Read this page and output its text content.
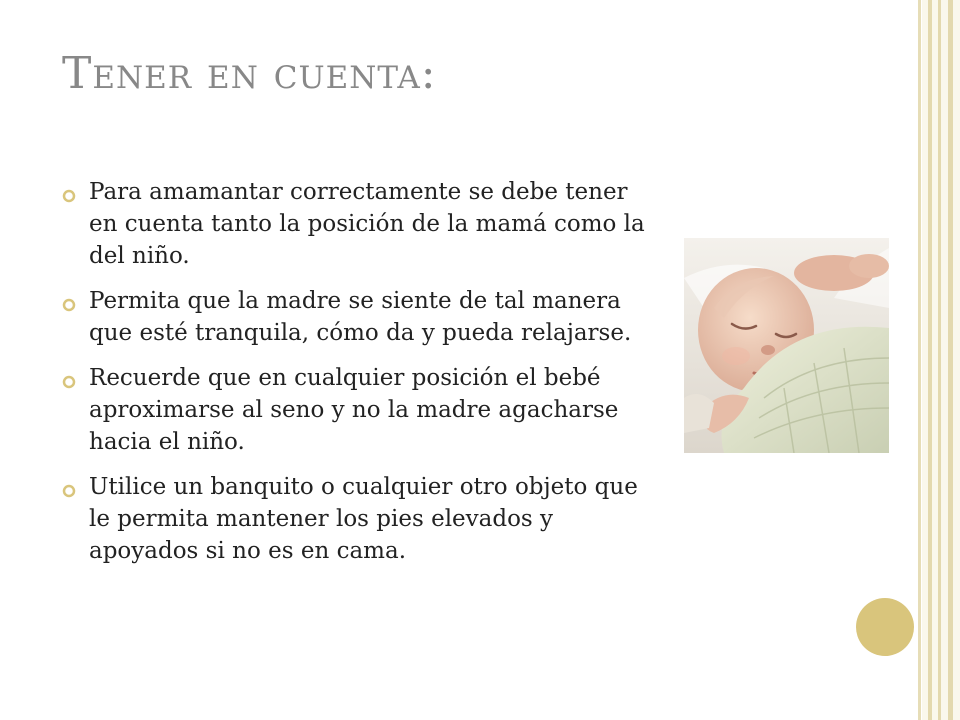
Tener en cuenta:
Para amamantar correctamente se debe tener en cuenta tanto la posición de la mamá como la del niño.
Permita que la madre se siente de tal manera que esté tranquila, cómo da y pueda relajarse.
Recuerde que en cualquier posición el bebé aproximarse al seno y no la madre agacharse hacia el niño.
Utilice un banquito o cualquier otro objeto que le permita mantener los pies elevados y apoyados si no es en cama.
